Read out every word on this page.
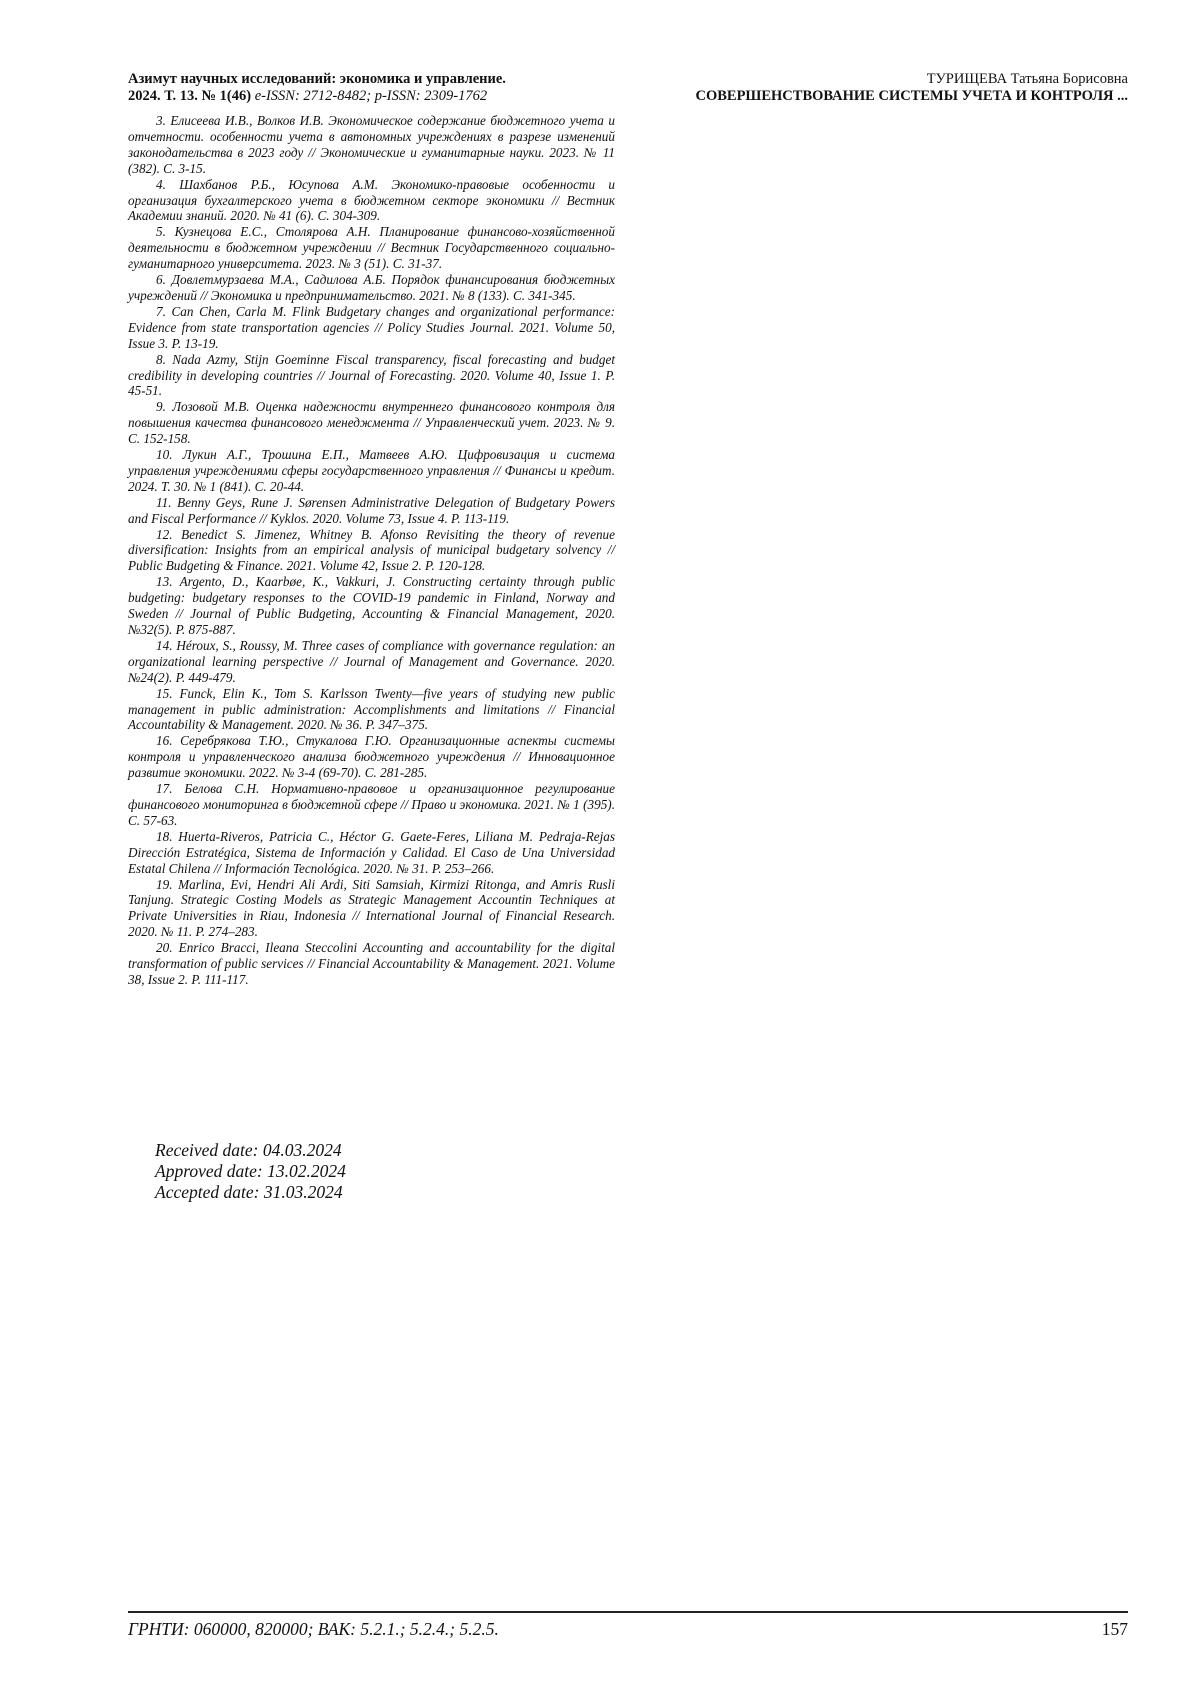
Азимут научных исследований: экономика и управление.
2024. Т. 13. № 1(46) e-ISSN: 2712-8482; p-ISSN: 2309-1762
ТУРИЩЕВА Татьяна Борисовна
СОВЕРШЕНСТВОВАНИЕ СИСТЕМЫ УЧЕТА И КОНТРОЛЯ ...

3. Елисеева И.В., Волков И.В. Экономическое содержание бюджетного учета и отчетности. особенности учета в автономных учреждениях в разрезе изменений законодательства в 2023 году // Экономические и гуманитарные науки. 2023. № 11 (382). С. 3-15.

4. Шахбанов Р.Б., Юсупова А.М. Экономико-правовые особенности и организация бухгалтерского учета в бюджетном секторе экономики // Вестник Академии знаний. 2020. № 41 (6). С. 304-309.

5. Кузнецова Е.С., Столярова А.Н. Планирование финансово-хозяйственной деятельности в бюджетном учреждении // Вестник Государственного социально-гуманитарного университета. 2023. № 3 (51). С. 31-37.

6. Довлетмурзаева М.А., Садилова А.Б. Порядок финансирования бюджетных учреждений // Экономика и предпринимательство. 2021. № 8 (133). С. 341-345.

7. Can Chen, Carla M. Flink Budgetary changes and organizational performance: Evidence from state transportation agencies // Policy Studies Journal. 2021. Volume 50, Issue 3. P. 13-19.

8. Nada Azmy, Stijn Goeminne Fiscal transparency, fiscal forecasting and budget credibility in developing countries // Journal of Forecasting. 2020. Volume 40, Issue 1. P. 45-51.

9. Лозовой М.В. Оценка надежности внутреннего финансового контроля для повышения качества финансового менеджмента // Управленческий учет. 2023. № 9. С. 152-158.

10. Лукин А.Г., Трошина Е.П., Матвеев А.Ю. Цифровизация и система управления учреждениями сферы государственного управления // Финансы и кредит. 2024. Т. 30. № 1 (841). С. 20-44.

11. Benny Geys, Rune J. Sørensen Administrative Delegation of Budgetary Powers and Fiscal Performance // Kyklos. 2020. Volume 73, Issue 4. P. 113-119.

12. Benedict S. Jimenez, Whitney B. Afonso Revisiting the theory of revenue diversification: Insights from an empirical analysis of municipal budgetary solvency // Public Budgeting & Finance. 2021. Volume 42, Issue 2. P. 120-128.

13. Argento, D., Kaarbøe, K., Vakkuri, J. Constructing certainty through public budgeting: budgetary responses to the COVID-19 pandemic in Finland, Norway and Sweden // Journal of Public Budgeting, Accounting & Financial Management, 2020. №32(5). P. 875-887.

14. Héroux, S., Roussy, M. Three cases of compliance with governance regulation: an organizational learning perspective // Journal of Management and Governance. 2020. №24(2). P. 449-479.

15. Funck, Elin K., Tom S. Karlsson Twenty—five years of studying new public management in public administration: Accomplishments and limitations // Financial Accountability & Management. 2020. № 36. P. 347–375.

16. Серебрякова Т.Ю., Стукалова Г.Ю. Организационные аспекты системы контроля и управленческого анализа бюджетного учреждения // Инновационное развитие экономики. 2022. № 3-4 (69-70). С. 281-285.

17. Белова С.Н. Нормативно-правовое и организационное регулирование финансового мониторинга в бюджетной сфере // Право и экономика. 2021. № 1 (395). С. 57-63.

18. Huerta-Riveros, Patricia C., Héctor G. Gaete-Feres, Liliana M. Pedraja-Rejas Dirección Estratégica, Sistema de Información y Calidad. El Caso de Una Universidad Estatal Chilena // Información Tecnológica. 2020. № 31. P. 253–266.

19. Marlina, Evi, Hendri Ali Ardi, Siti Samsiah, Kirmizi Ritonga, and Amris Rusli Tanjung. Strategic Costing Models as Strategic Management Accountin Techniques at Private Universities in Riau, Indonesia // International Journal of Financial Research. 2020. № 11. P. 274–283.

20. Enrico Bracci, Ileana Steccolini Accounting and accountability for the digital transformation of public services // Financial Accountability & Management. 2021. Volume 38, Issue 2. P. 111-117.

Received date: 04.03.2024
Approved date: 13.02.2024
Accepted date: 31.03.2024
ГРНТИ: 060000, 820000; ВАК: 5.2.1.; 5.2.4.; 5.2.5.	157
